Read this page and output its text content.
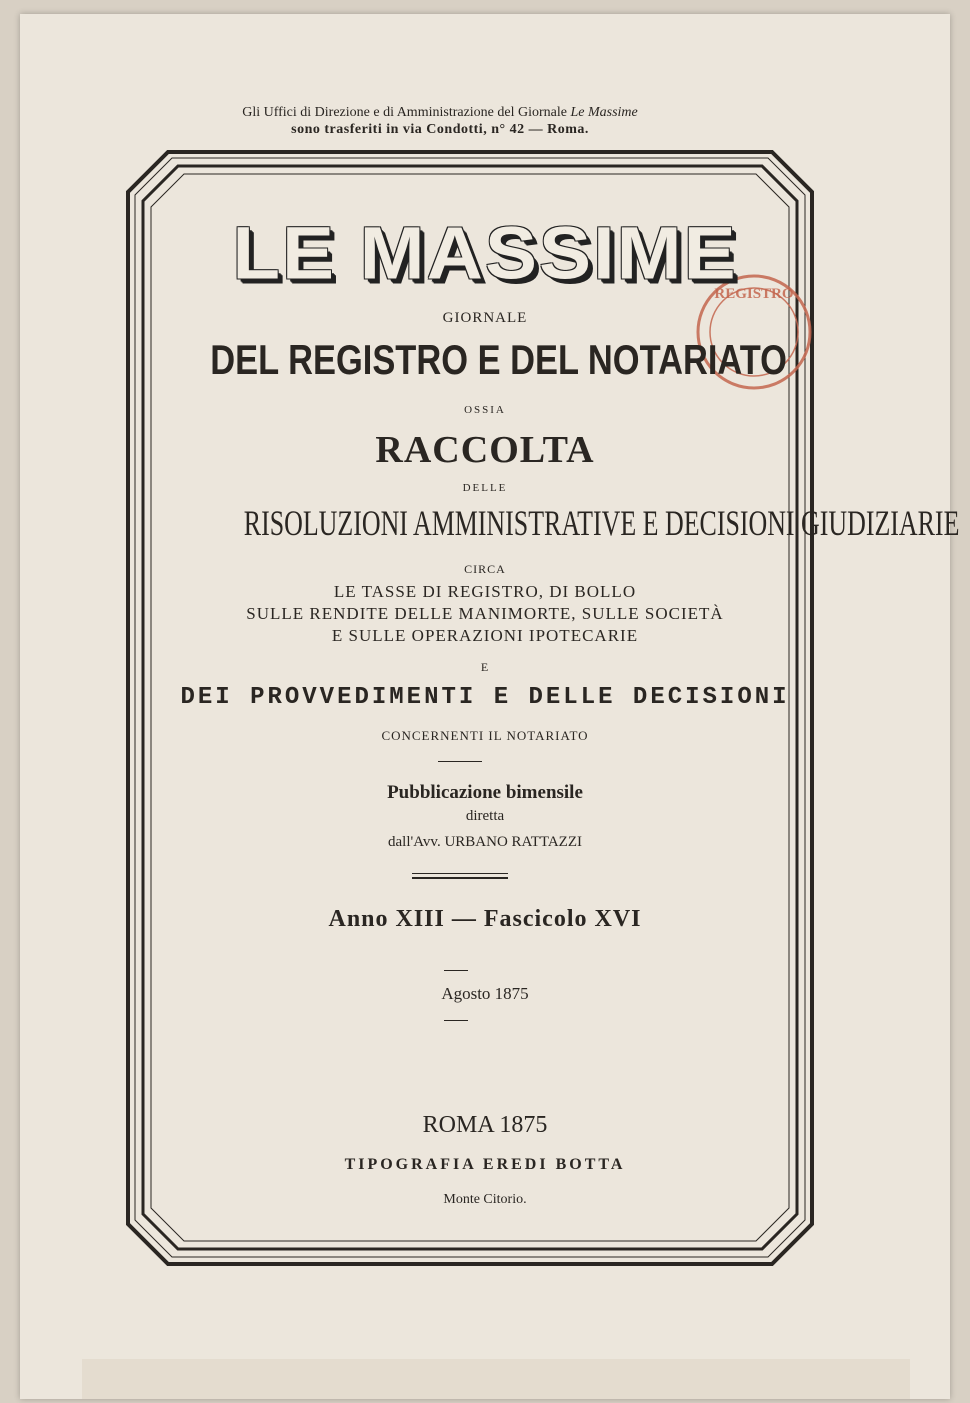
Gli Uffici di Direzione e di Amministrazione del Giornale Le Massime
sono trasferiti in via Condotti, n° 42 — Roma.
REGISTRO
LE MASSIME
GIORNALE
DEL REGISTRO E DEL NOTARIATO
OSSIA
RACCOLTA
DELLE
RISOLUZIONI AMMINISTRATIVE E DECISIONI GIUDIZIARIE
CIRCA
LE TASSE DI REGISTRO, DI BOLLO
SULLE RENDITE DELLE MANIMORTE, SULLE SOCIETÀ
E SULLE OPERAZIONI IPOTECARIE
E
DEI PROVVEDIMENTI E DELLE DECISIONI
CONCERNENTI IL NOTARIATO
Pubblicazione bimensile
diretta
dall'Avv. URBANO RATTAZZI
Anno XIII — Fascicolo XVI
Agosto 1875
ROMA 1875
TIPOGRAFIA EREDI BOTTA
Monte Citorio.
